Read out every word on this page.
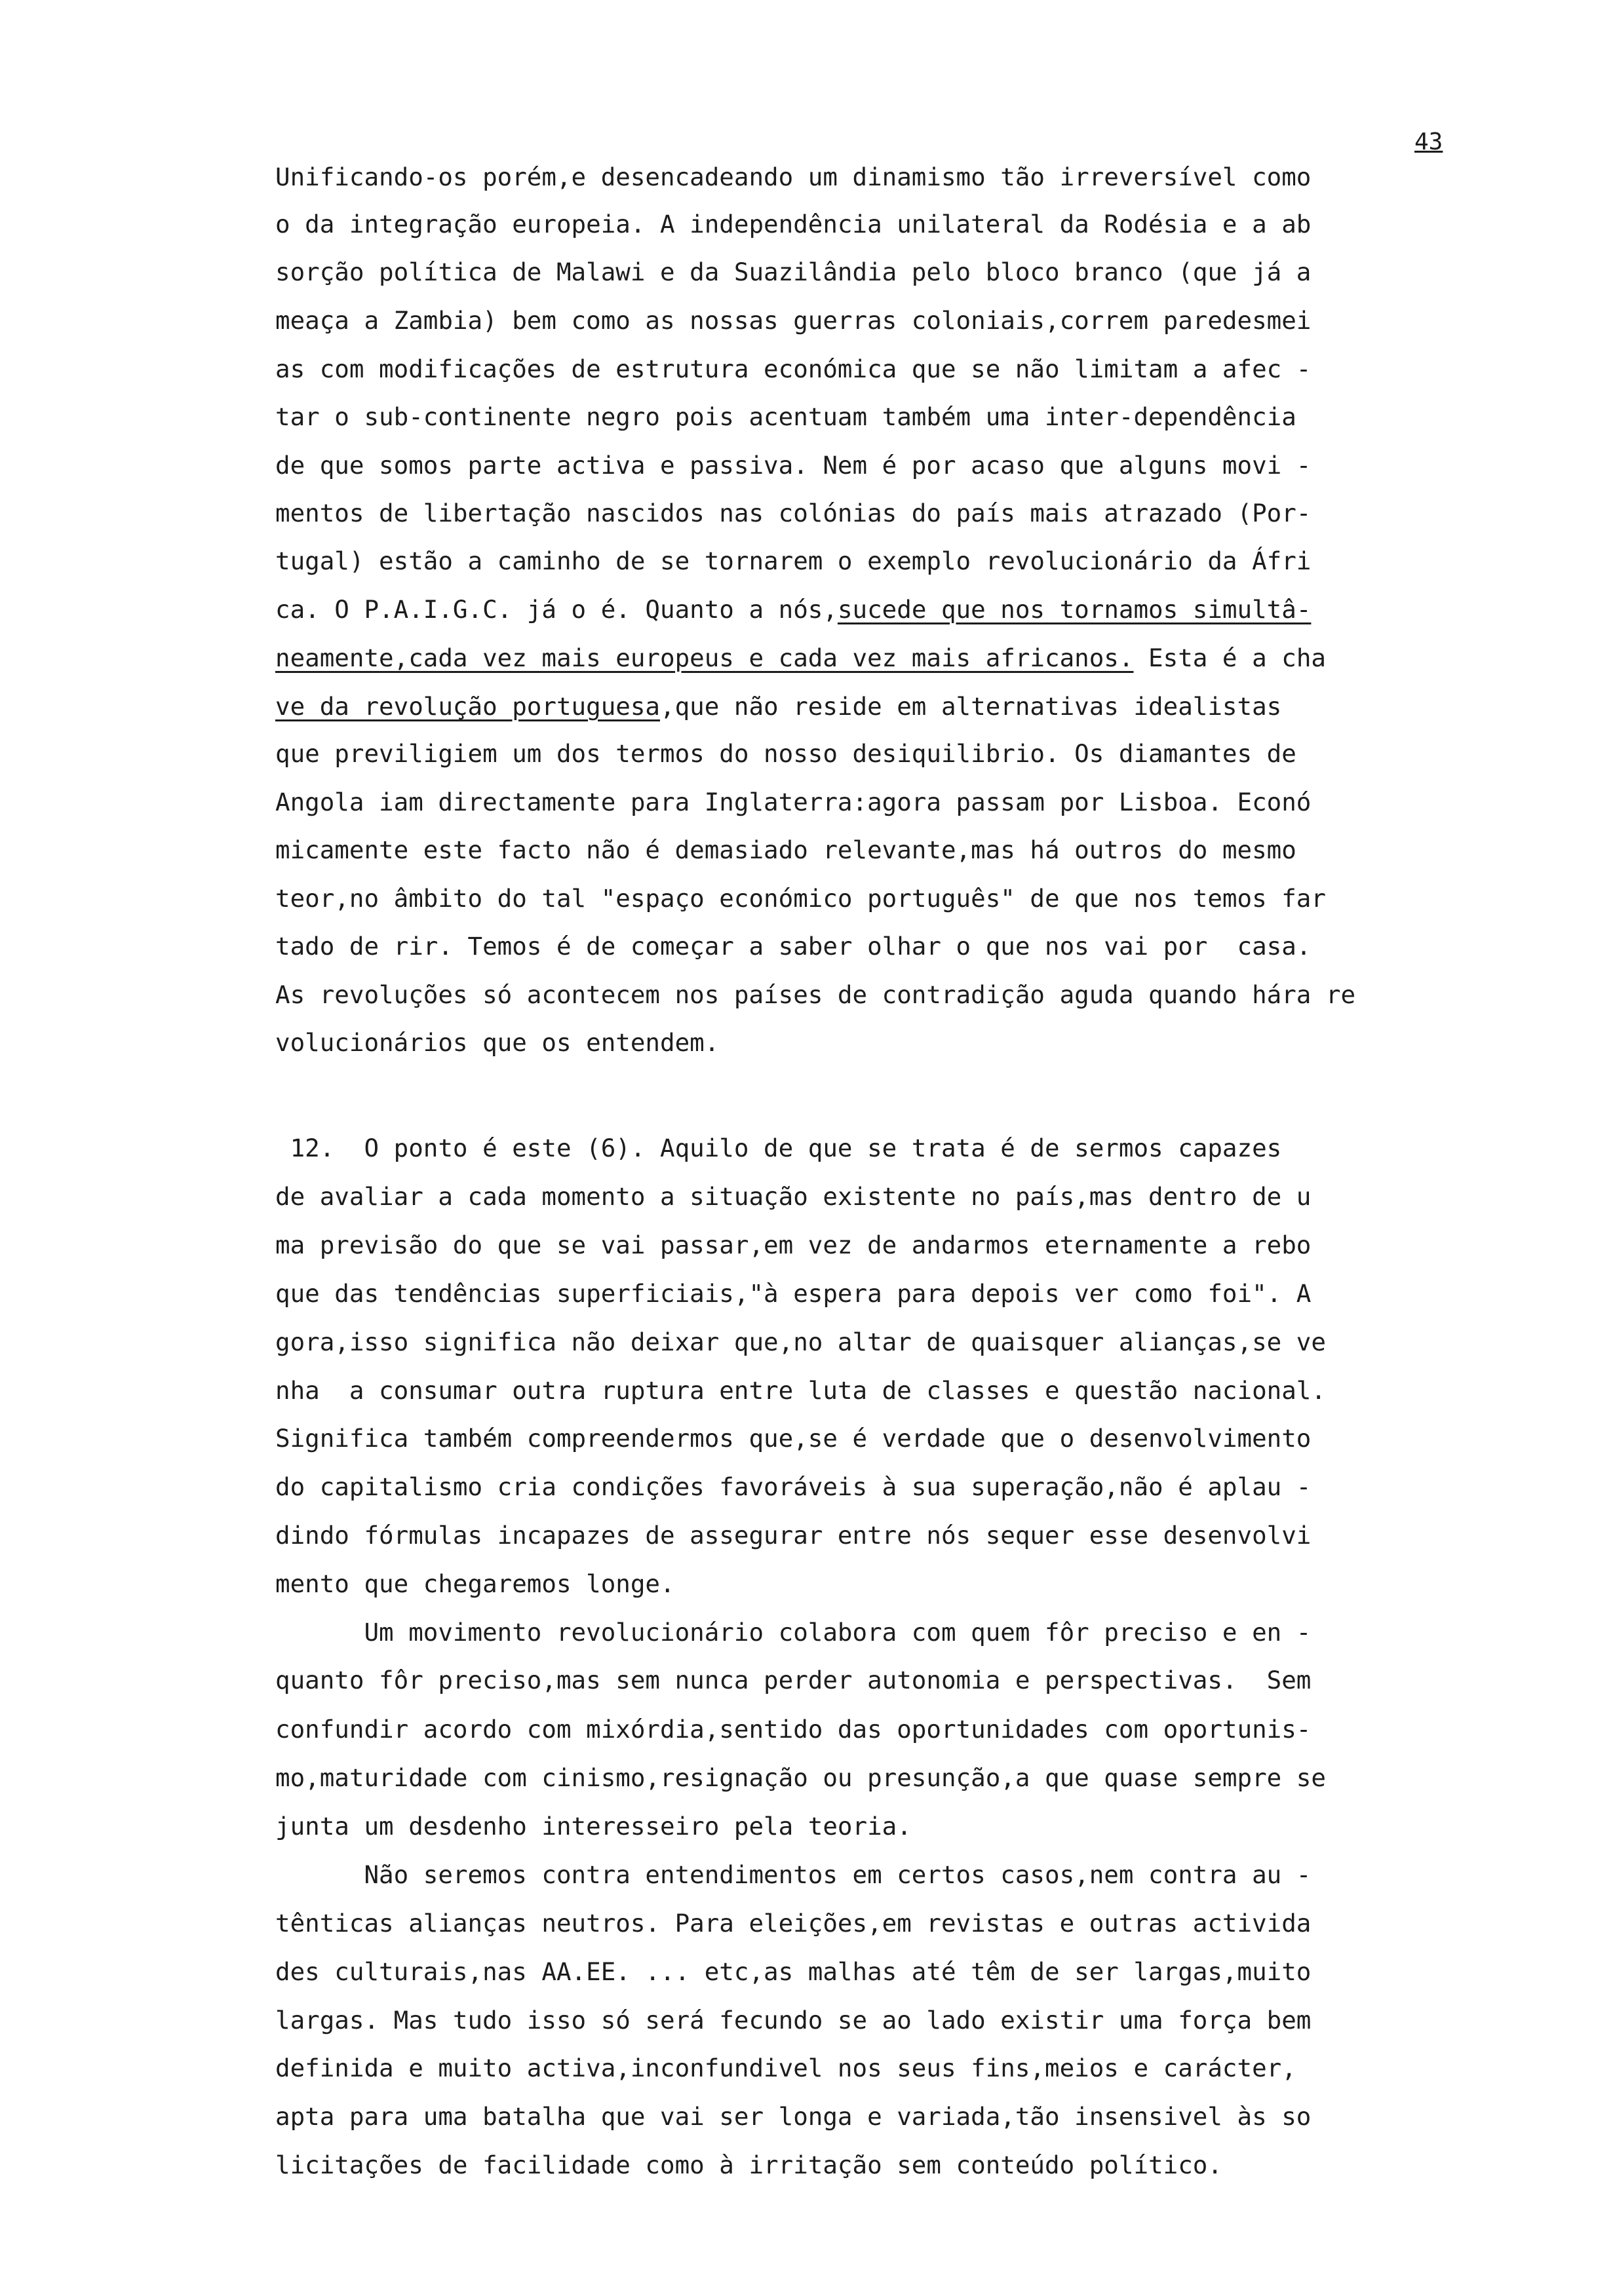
43
Unificando-os porém,e desencadeando um dinamismo tão irreversível como
o da integração europeia. A independência unilateral da Rodésia e a ab
sorção política de Malawi e da Suazilândia pelo bloco branco (que já a
meaça a Zambia) bem como as nossas guerras coloniais,correm paredesmei
as com modificações de estrutura económica que se não limitam a afec -
tar o sub-continente negro pois acentuam também uma inter-dependência
de que somos parte activa e passiva. Nem é por acaso que alguns movi -
mentos de libertação nascidos nas colónias do país mais atrazado (Por-
tugal) estão a caminho de se tornarem o exemplo revolucionário da Áfri
ca. O P.A.I.G.C. já o é. Quanto a nós,sucede que nos tornamos simultâ-
neamente,cada vez mais europeus e cada vez mais africanos. Esta é a cha
ve da revolução portuguesa,que não reside em alternativas idealistas
que previligiem um dos termos do nosso desiquilibrio. Os diamantes de
Angola iam directamente para Inglaterra:agora passam por Lisboa. Econó
micamente este facto não é demasiado relevante,mas há outros do mesmo
teor,no âmbito do tal "espaço económico português" de que nos temos far
tado de rir. Temos é de começar a saber olhar o que nos vai por  casa.
As revoluções só acontecem nos países de contradição aguda quando hára re
volucionários que os entendem.
12.  O ponto é este (6). Aquilo de que se trata é de sermos capazes
de avaliar a cada momento a situação existente no país,mas dentro de u
ma previsão do que se vai passar,em vez de andarmos eternamente a rebo
que das tendências superficiais,"à espera para depois ver como foi". A
gora,isso significa não deixar que,no altar de quaisquer alianças,se ve
nha  a consumar outra ruptura entre luta de classes e questão nacional.
Significa também compreendermos que,se é verdade que o desenvolvimento
do capitalismo cria condições favoráveis à sua superação,não é aplau -
dindo fórmulas incapazes de assegurar entre nós sequer esse desenvolvi
mento que chegaremos longe.
Um movimento revolucionário colabora com quem fôr preciso e en -
quanto fôr preciso,mas sem nunca perder autonomia e perspectivas.  Sem
confundir acordo com mixórdia,sentido das oportunidades com oportunis-
mo,maturidade com cinismo,resignação ou presunção,a que quase sempre se
junta um desdenho interesseiro pela teoria.
Não seremos contra entendimentos em certos casos,nem contra au -
tênticas alianças neutros. Para eleições,em revistas e outras activida
des culturais,nas AA.EE. ... etc,as malhas até têm de ser largas,muito
largas. Mas tudo isso só será fecundo se ao lado existir uma força bem
definida e muito activa,inconfundivel nos seus fins,meios e carácter,
apta para uma batalha que vai ser longa e variada,tão insensivel às so
licitações de facilidade como à irritação sem conteúdo político.
